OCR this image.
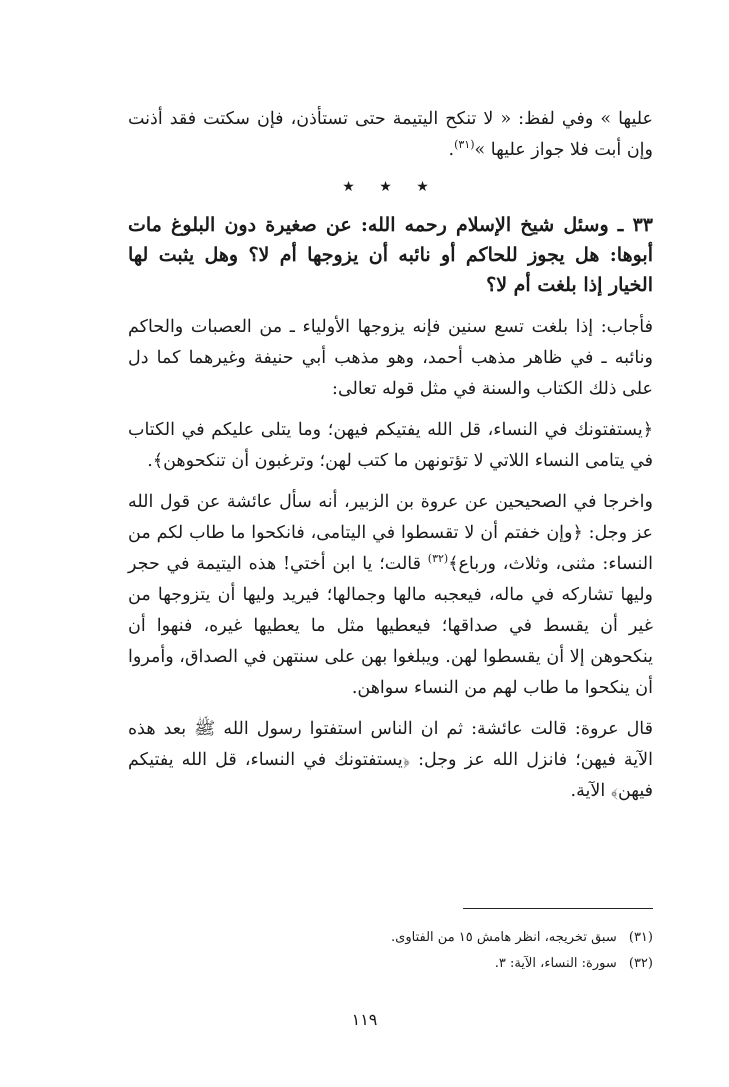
عليها » وفي لفظ: « لا تنكح اليتيمة حتى تستأذن، فإن سكتت فقد أذنت وإن أبت فلا جواز عليها »$^{(٣١)}$.

★ ★ ★

٣٣ ـ وسئل شيخ الإسلام رحمه الله: عن صغيرة دون البلوغ مات أبوها: هل يجوز للحاكم أو نائبه أن يزوجها أم لا؟ وهل يثبت لها الخيار إذا بلغت أم لا؟

فأجاب: إذا بلغت تسع سنين فإنه يزوجها الأولياء ـ من العصبات والحاكم ونائبه ـ في ظاهر مذهب أحمد، وهو مذهب أبي حنيفة وغيرهما كما دل على ذلك الكتاب والسنة في مثل قوله تعالى:

﴿يستفتونك في النساء، قل الله يفتيكم فيهن؛ وما يتلى عليكم في الكتاب في يتامى النساء اللاتي لا تؤتونهن ما كتب لهن؛ وترغبون أن تنكحوهن﴾.

واخرجا في الصحيحين عن عروة بن الزبير، أنه سأل عائشة عن قول الله عز وجل: ﴿وإن خفتم أن لا تقسطوا في اليتامى، فانكحوا ما طاب لكم من النساء: مثنى، وثلاث، ورباع﴾$^{(٣٢)}$ قالت؛ يا ابن أختي! هذه اليتيمة في حجر وليها تشاركه في ماله، فيعجبه مالها وجمالها؛ فيريد وليها أن يتزوجها من غير أن يقسط في صداقها؛ فيعطيها مثل ما يعطيها غيره، فنهوا أن ينكحوهن إلا أن يقسطوا لهن. ويبلغوا بهن على سنتهن في الصداق، وأمروا أن ينكحوا ما طاب لهم من النساء سواهن.

قال عروة: قالت عائشة: ثم ان الناس استفتوا رسول الله ﷺ بعد هذه الآية فيهن؛ فانزل الله عز وجل: ﴿يستفتونك في النساء، قل الله يفتيكم فيهن﴾ الآية.

(٣١) سبق تخريجه، انظر هامش ١٥ من الفتاوى.
(٣٢) سورة: النساء، الآية: ٣.
١١٩
